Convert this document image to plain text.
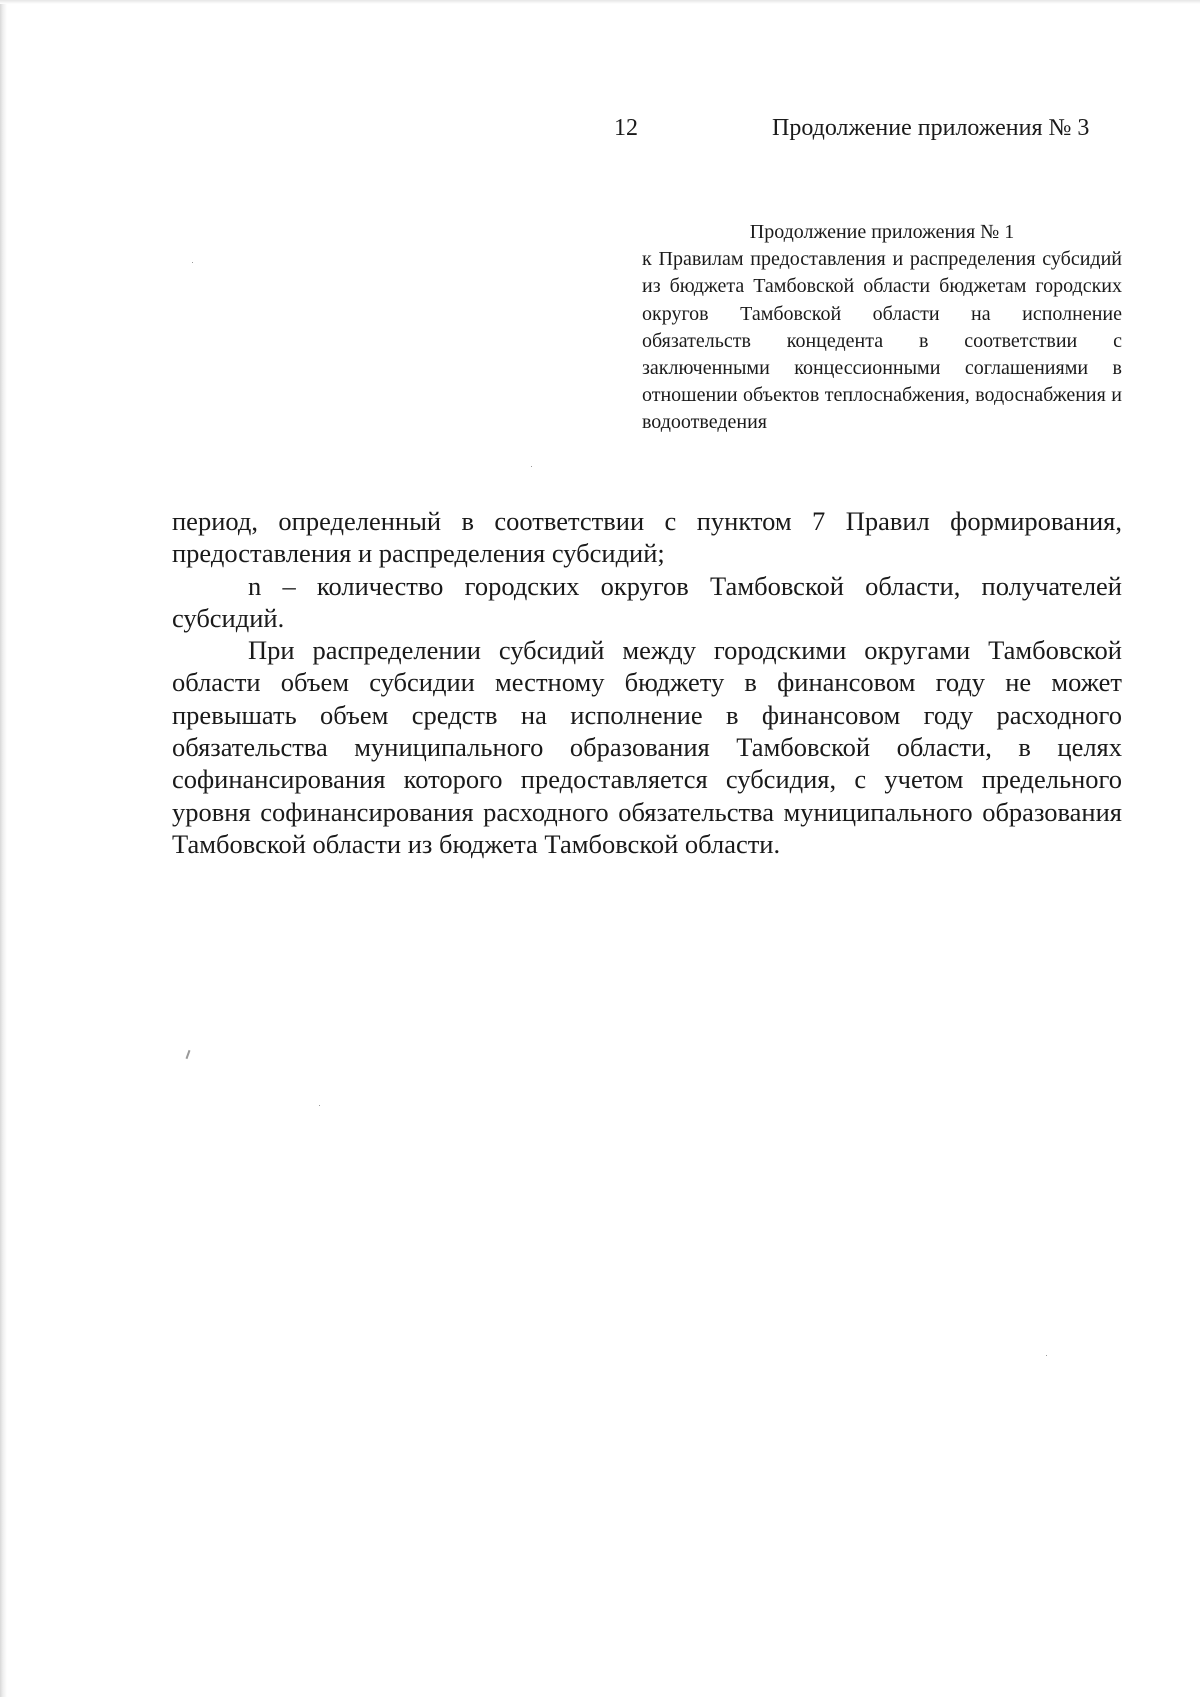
12	Продолжение приложения № 3

Продолжение приложения № 1

к Правилам предоставления и распределения субсидий из бюджета Тамбовской области бюджетам городских округов Тамбовской области на исполнение обязательств концедента в соответствии с заключенными концессионными соглашениями в отношении объектов теплоснабжения, водоснабжения и водоотведения

период, определенный в соответствии с пунктом 7 Правил формирования, предоставления и распределения субсидий;

n – количество городских округов Тамбовской области, получателей субсидий.

При распределении субсидий между городскими округами Тамбовской области объем субсидии местному бюджету в финансовом году не может превышать объем средств на исполнение в финансовом году расходного обязательства муниципального образования Тамбовской области, в целях софинансирования которого предоставляется субсидия, с учетом предельного уровня софинансирования расходного обязательства муниципального образования Тамбовской области из бюджета Тамбовской области.
